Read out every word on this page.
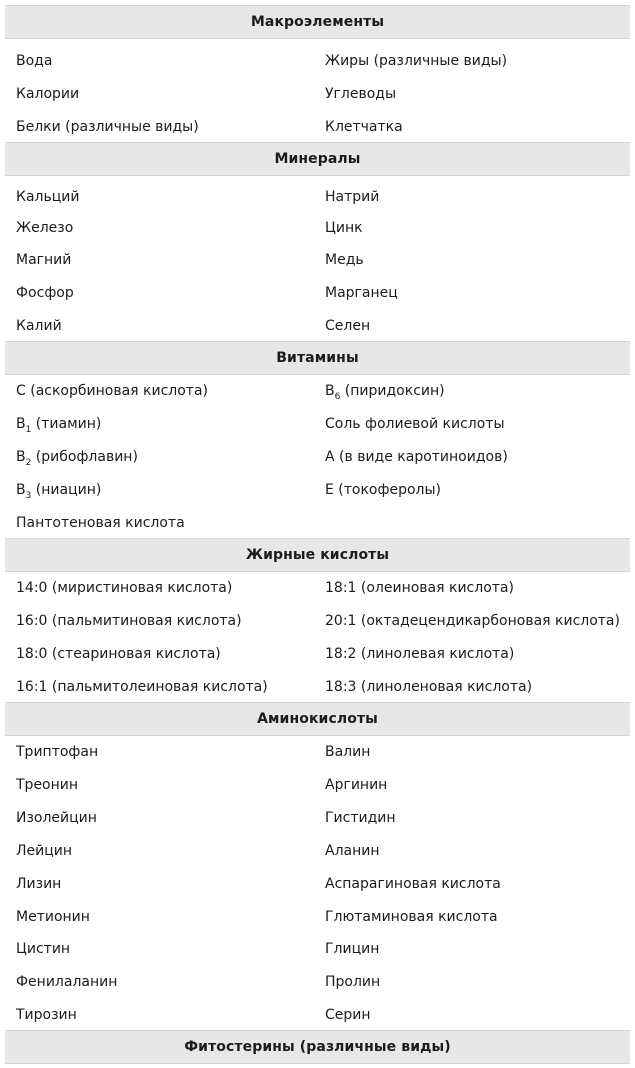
Макроэлементы
Вода	Жиры (различные виды)
Калории	Углеводы
Белки (различные виды)	Клетчатка
Минералы
Кальций	Натрий
Железо	Цинк
Магний	Медь
Фосфор	Марганец
Калий	Селен
Витамины
C (аскорбиновая кислота)	$B_6$ (пиридоксин)
$B_1$ (тиамин)	Соль фолиевой кислоты
$B_2$ (рибофлавин)	A (в виде каротиноидов)
$B_3$ (ниацин)	E (токоферолы)
Пантотеновая кислота
Жирные кислоты
14:0 (миристиновая кислота)	18:1 (олеиновая кислота)
16:0 (пальмитиновая кислота)	20:1 (октадецендикарбоновая кислота)
18:0 (стеариновая кислота)	18:2 (линолевая кислота)
16:1 (пальмитолеиновая кислота)	18:3 (линоленовая кислота)
Аминокислоты
Триптофан	Валин
Треонин	Аргинин
Изолейцин	Гистидин
Лейцин	Аланин
Лизин	Аспарагиновая кислота
Метионин	Глютаминовая кислота
Цистин	Глицин
Фенилаланин	Пролин
Тирозин	Серин
Фитостерины (различные виды)
